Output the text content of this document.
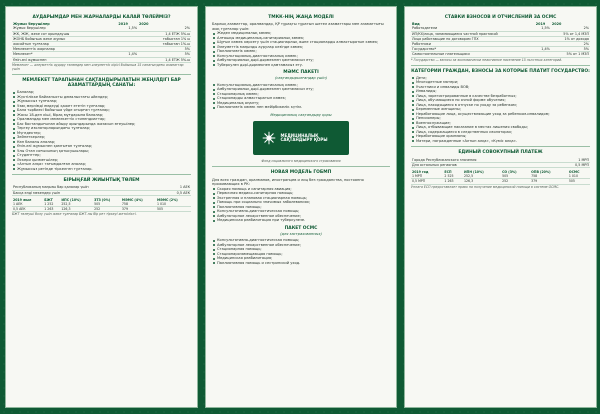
АУДАРЫМДАР МЕН ЖАРНАЛАРДЫ КАЛАЙ ТӨЛЕЙМІЗ?
Жұмыс берушілер	2019	2020
Жұмыс берушілер	1,5%	2%
ЖК, ЖЖ, жеке сот орындаушы		1,4 ЕТЖ 5%-ы
ЖОНБ бойынша жеке жұмыс		табыстан 1% ы
жасайтын тұлғалар		табыстан 1%-ы
Мемлекеттік жарналар		5%
Мемлекет*	1,4%	5%
Өзін-өзі жұмыспен		1,4 ЕТЖ 5%-ы
Мемлекет — әлеуметтік аудару төлемдер мен әлеуметтік кірісі бойынша 15 санатындағы азаматтар үшін
МЕМЛЕКЕТ ТАРАПЫНАН САҚТАНДЫРЫЛАТЫН ЖЕҢІЛДІГІ БАР АЗАМАТТАРДЫҢ САНАТЫ:
Балалар;
Жүктілікке байланысты демалыстағы әйелдер;
Жұмыссыз тұлғалар;
Ұзақ мерзімді емдеуді қажет ететін тұлғалар;
Бала тәрбиесі бойынша үйде отырған тұлғалар;
Жасы 18-ден кіші, бірақ мұғдарына балалар;
Оралмандар мен мемлекеттік стипендиаттар;
Бас бостандығынан айыру орындарында жазасын өтеушілер;
Тергеу изоляторларындағы тұлғалар;
Мүгедектер;
Зейнеткерлер;
Көп балалы аналар;
Өзін-өзі жұмыспен қамтыған тұлғалар;
Ұлы Отан соғысының қатысушылары;
Студенттер;
Әскери қызметшілер;
«Алтын алқа» тағымдалған аналар;
Жұмыссыз ретінде тіркелген тұлғалар.
БІРЫҢҒАЙ ЖИЫНТЫҚ ТӨЛЕМ
Республиканың маңызы бар қалалар үшін	1 АЕК
Басқа елді мекендер үшін	0,5 АЕК
2019 жыл	БЖТ	ИПС (10%)	ЗТЗ (0%)	МӘМС (4%)	МӘМС (2%)
1 АЕК	1 252	252,5	505	758	1 010
0,5 АЕК	1 263	126,3	252	379	505
БЖТ төлеуші болу үшін жеке тұлғалар БЖТ-ны бір рет тіркеуі жеткілікті.
ТМКК-НІҢ ЖАҢА МОДЕЛІ
Барлық азаматтар, оралмандар, ҚР тұрақты тұратын шетел азаматтары мен азаматтығы жоқ тұлғалар үшін:
Жедел медициналық көмек;
Алғашқы медициналық-санитариялық көмек;
Шұғыл көмек көрсету үшін стационарлық және стационарды алмастыратын көмек;
Әлеуметтік маңызды аурулар кезінде көмек;
Паллиативтік көмек;
Консультациялық-диагностикалық көмек;
Амбулаториялық дәрі-дәрмекпен қамтамасыз ету;
Туберкулез дәрі-дәрмекпен қамтамасыз ету.
МӘМС ПАКЕТІ
(сақтандырылғандар үшін)
Консультациялық-диагностикалық көмек;
Амбулаториялық дәрі-дәрмекпен қамтамасыз ету;
Стационарлық көмек;
Стационарды алмастыратын көмек;
Медициналық оңалту;
Паллиативтік көмек пен мейірбикелік күтім.
Медициналық сақтандыру қоры
МЕДИЦИНАЛЫҚ САҚТАНДЫРУ ҚОРЫ
Фонд социального медицинского страхования
НОВАЯ МОДЕЛЬ ГОБМП
Для всех граждан, оралманов, иностранцев и лиц без гражданства, постоянно проживающих в РК:
Скорая помощь и санитарная авиация;
Первичная медико-санитарная помощь;
Экстренная и плановая стационарная помощь;
Помощь при социально значимых заболеваниях;
Паллиативная помощь;
Консультативно-диагностическая помощь;
Амбулаторное лекарственное обеспечение;
Медицинская реабилитация при туберкулезе.
ПАКЕТ ОСМС
(для застрахованных)
Консультативно-диагностическая помощь;
Амбулаторное лекарственное обеспечение;
Стационарная помощь;
Стационарозамещающая помощь;
Медицинская реабилитация;
Паллиативная помощь и сестринский уход.
СТАВКИ ВЗНОСОВ И ОТЧИСЛЕНИЙ ЗА ОСМС
Вид	2019	2020
Работодатели	1,5%	2%
ИП/КХ/лица, занимающиеся частной практикой		5% от 1,4 МЗП
Лица работающие по договорам ГПХ		1% от дохода
Работники		2%
Государство*	1,4%	5%
Самостоятельные плательщики		5% от 1 МЗП
* Государство — взносы за экономически неактивное население 15 льготных категорий.
КАТЕГОРИИ ГРАЖДАН, ВЗНОСЫ ЗА КОТОРЫЕ ПЛАТИТ ГОСУДАРСТВО:
Дети;
Многодетные матери;
Участники и инвалиды ВОВ;
Инвалиды;
Лица, зарегистрированные в качестве безработных;
Лица, обучающиеся по очной форме обучения;
Лица, находящиеся в отпуске по уходу за ребенком;
Беременные женщины;
Неработающие лица, осуществляющие уход за ребенком-инвалидом;
Пенсионеры;
Военнослужащие;
Лица, отбывающие наказание в местах лишения свободы;
Лица, содержащиеся в следственных изоляторах;
Неработающие оралманы;
Матери, награжденные «Алтын алқа», «Күміс алқа».
ЕДИНЫЙ СОВОКУПНЫЙ ПЛАТЕЖ
Города Республиканского значения	1 МРП
Для остальных регионов	0,5 МРП
2019 год	ЕСП	ИПН (10%)	СО (3%)	ОПВ (20%)	ОСМС
1 МРП	2 525	252,5	505	758	1 010
0,5 МРП	1 263	126,3	252	379	505
Уплата ЕСП предоставляет право на получение медицинской помощи в системе ОСМС.
